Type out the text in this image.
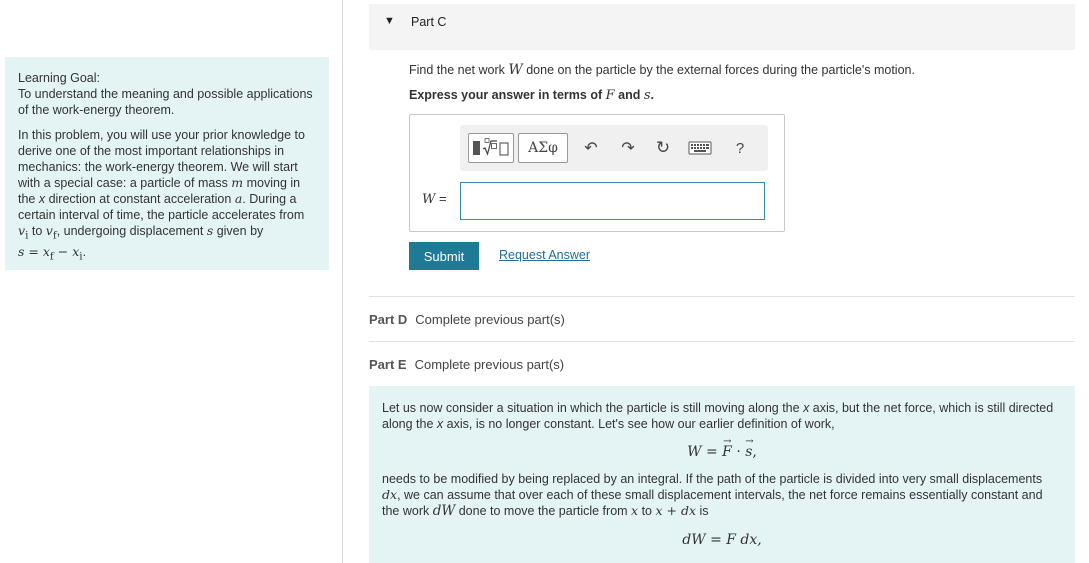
Learning Goal:
To understand the meaning and possible applications of the work-energy theorem.

In this problem, you will use your prior knowledge to derive one of the most important relationships in mechanics: the work-energy theorem. We will start with a special case: a particle of mass m moving in the x direction at constant acceleration a. During a certain interval of time, the particle accelerates from $v_i$ to $v_f$, undergoing displacement s given by
$s = x_f - x_i$.

▼ Part C
Find the net work W done on the particle by the external forces during the particle's motion.
Express your answer in terms of F and s.
ΑΣφ	↶ ↷ ↻	?
W =
Submit	Request Answer
Part D Complete previous part(s)
Part E Complete previous part(s)

Let us now consider a situation in which the particle is still moving along the x axis, but the net force, which is still directed along the x axis, is no longer constant. Let's see how our earlier definition of work,

W = F
→
· s
→
,

needs to be modified by being replaced by an integral. If the path of the particle is divided into very small displacements dx, we can assume that over each of these small displacement intervals, the net force remains essentially constant and the work dW done to move the particle from x to x + dx is

dW = F dx,
